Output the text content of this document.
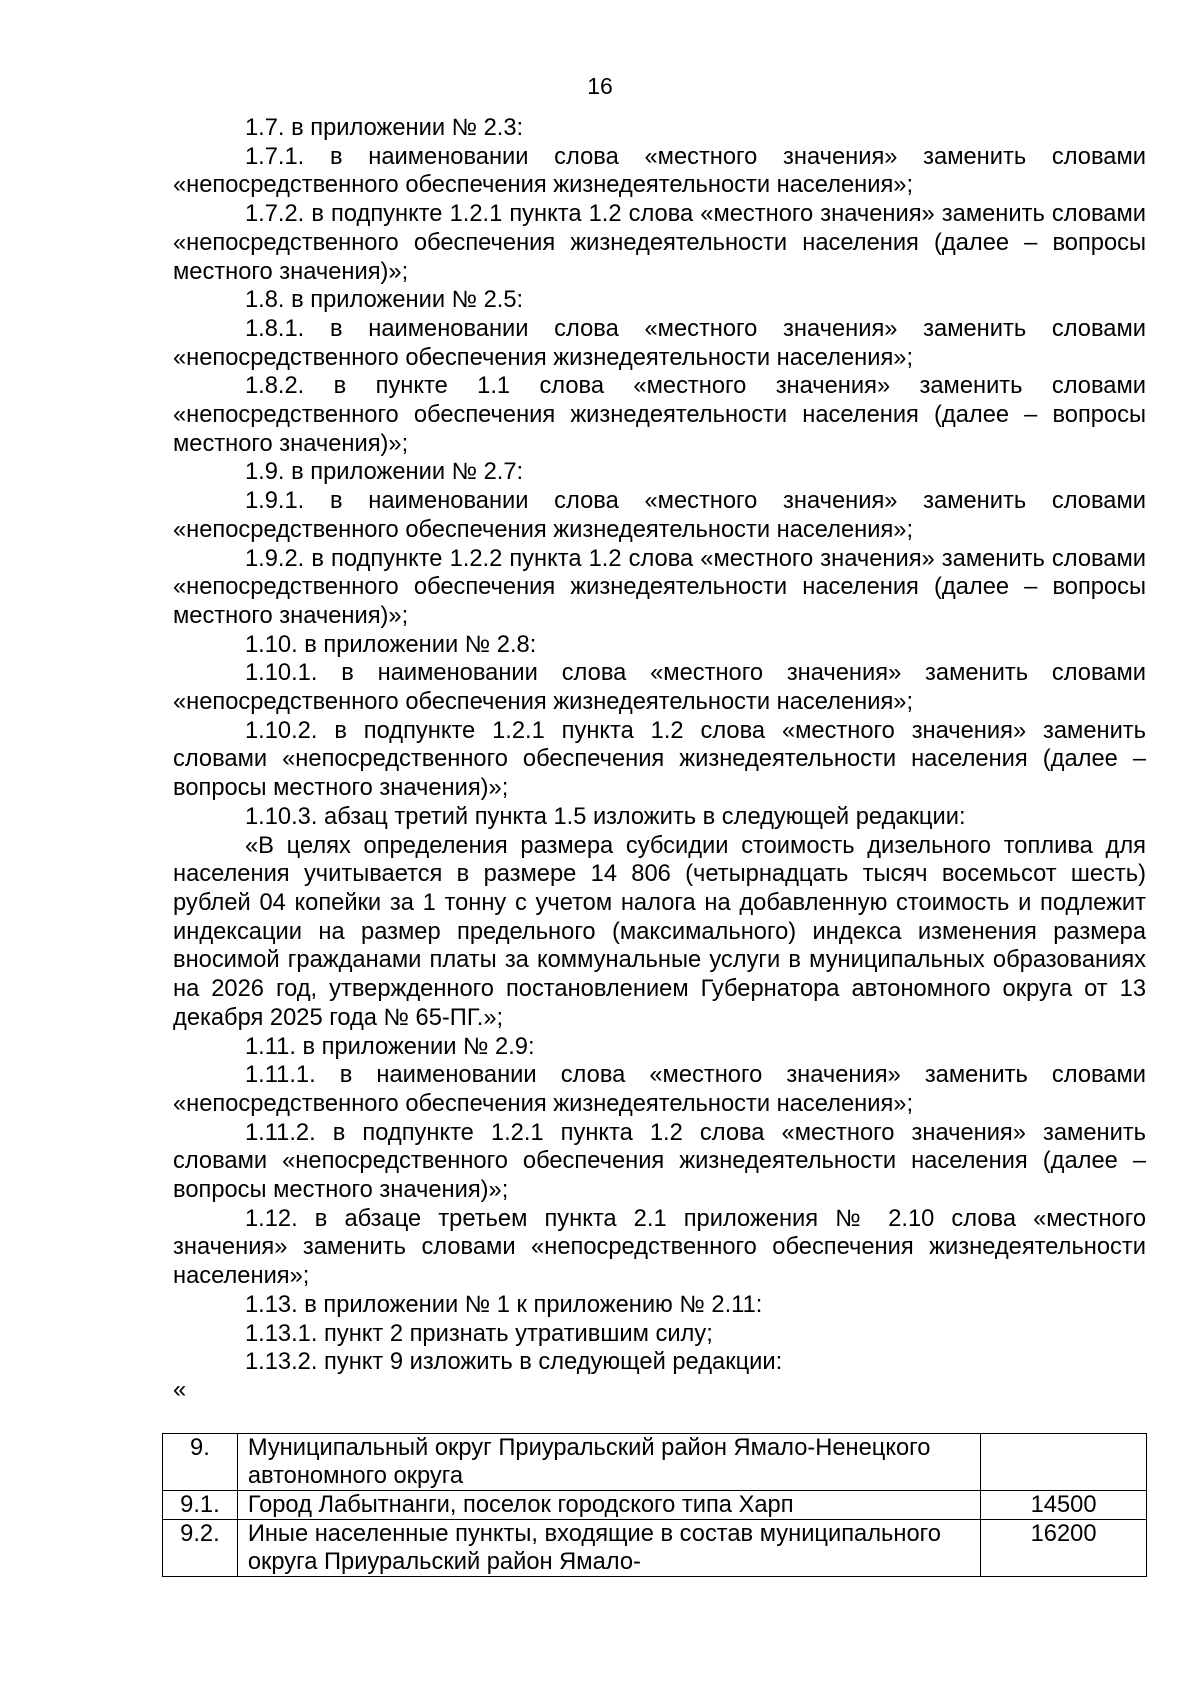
16

1.7. в приложении № 2.3:

1.7.1. в наименовании слова «местного значения» заменить словами «непосредственного обеспечения жизнедеятельности населения»;

1.7.2. в подпункте 1.2.1 пункта 1.2 слова «местного значения» заменить словами «непосредственного обеспечения жизнедеятельности населения (далее – вопросы местного значения)»;

1.8. в приложении № 2.5:

1.8.1. в наименовании слова «местного значения» заменить словами «непосредственного обеспечения жизнедеятельности населения»;

1.8.2. в пункте 1.1 слова «местного значения» заменить словами «непосредственного обеспечения жизнедеятельности населения (далее – вопросы местного значения)»;

1.9. в приложении № 2.7:

1.9.1. в наименовании слова «местного значения» заменить словами «непосредственного обеспечения жизнедеятельности населения»;

1.9.2. в подпункте 1.2.2 пункта 1.2 слова «местного значения» заменить словами «непосредственного обеспечения жизнедеятельности населения (далее – вопросы местного значения)»;

1.10. в приложении № 2.8:

1.10.1. в наименовании слова «местного значения» заменить словами «непосредственного обеспечения жизнедеятельности населения»;

1.10.2. в подпункте 1.2.1 пункта 1.2 слова «местного значения» заменить словами «непосредственного обеспечения жизнедеятельности населения (далее – вопросы местного значения)»;

1.10.3. абзац третий пункта 1.5 изложить в следующей редакции:

«В целях определения размера субсидии стоимость дизельного топлива для населения учитывается в размере 14 806 (четырнадцать тысяч восемьсот шесть) рублей 04 копейки за 1 тонну с учетом налога на добавленную стоимость и подлежит индексации на размер предельного (максимального) индекса изменения размера вносимой гражданами платы за коммунальные услуги в муниципальных образованиях на 2026 год, утвержденного постановлением Губернатора автономного округа от 13 декабря 2025 года № 65-ПГ.»;

1.11. в приложении № 2.9:

1.11.1. в наименовании слова «местного значения» заменить словами «непосредственного обеспечения жизнедеятельности населения»;

1.11.2. в подпункте 1.2.1 пункта 1.2 слова «местного значения» заменить словами «непосредственного обеспечения жизнедеятельности населения (далее – вопросы местного значения)»;

1.12. в абзаце третьем пункта 2.1 приложения № 2.10 слова «местного значения» заменить словами «непосредственного обеспечения жизнедеятельности населения»;

1.13. в приложении № 1 к приложению № 2.11:

1.13.1. пункт 2 признать утратившим силу;

1.13.2. пункт 9 изложить в следующей редакции:

«

9.	Муниципальный округ Приуральский район Ямало-Ненецкого автономного округа	
9.1.	Город Лабытнанги, поселок городского типа Харп	14500
9.2.	Иные населенные пункты, входящие в состав муниципального округа Приуральский район Ямало-	16200
